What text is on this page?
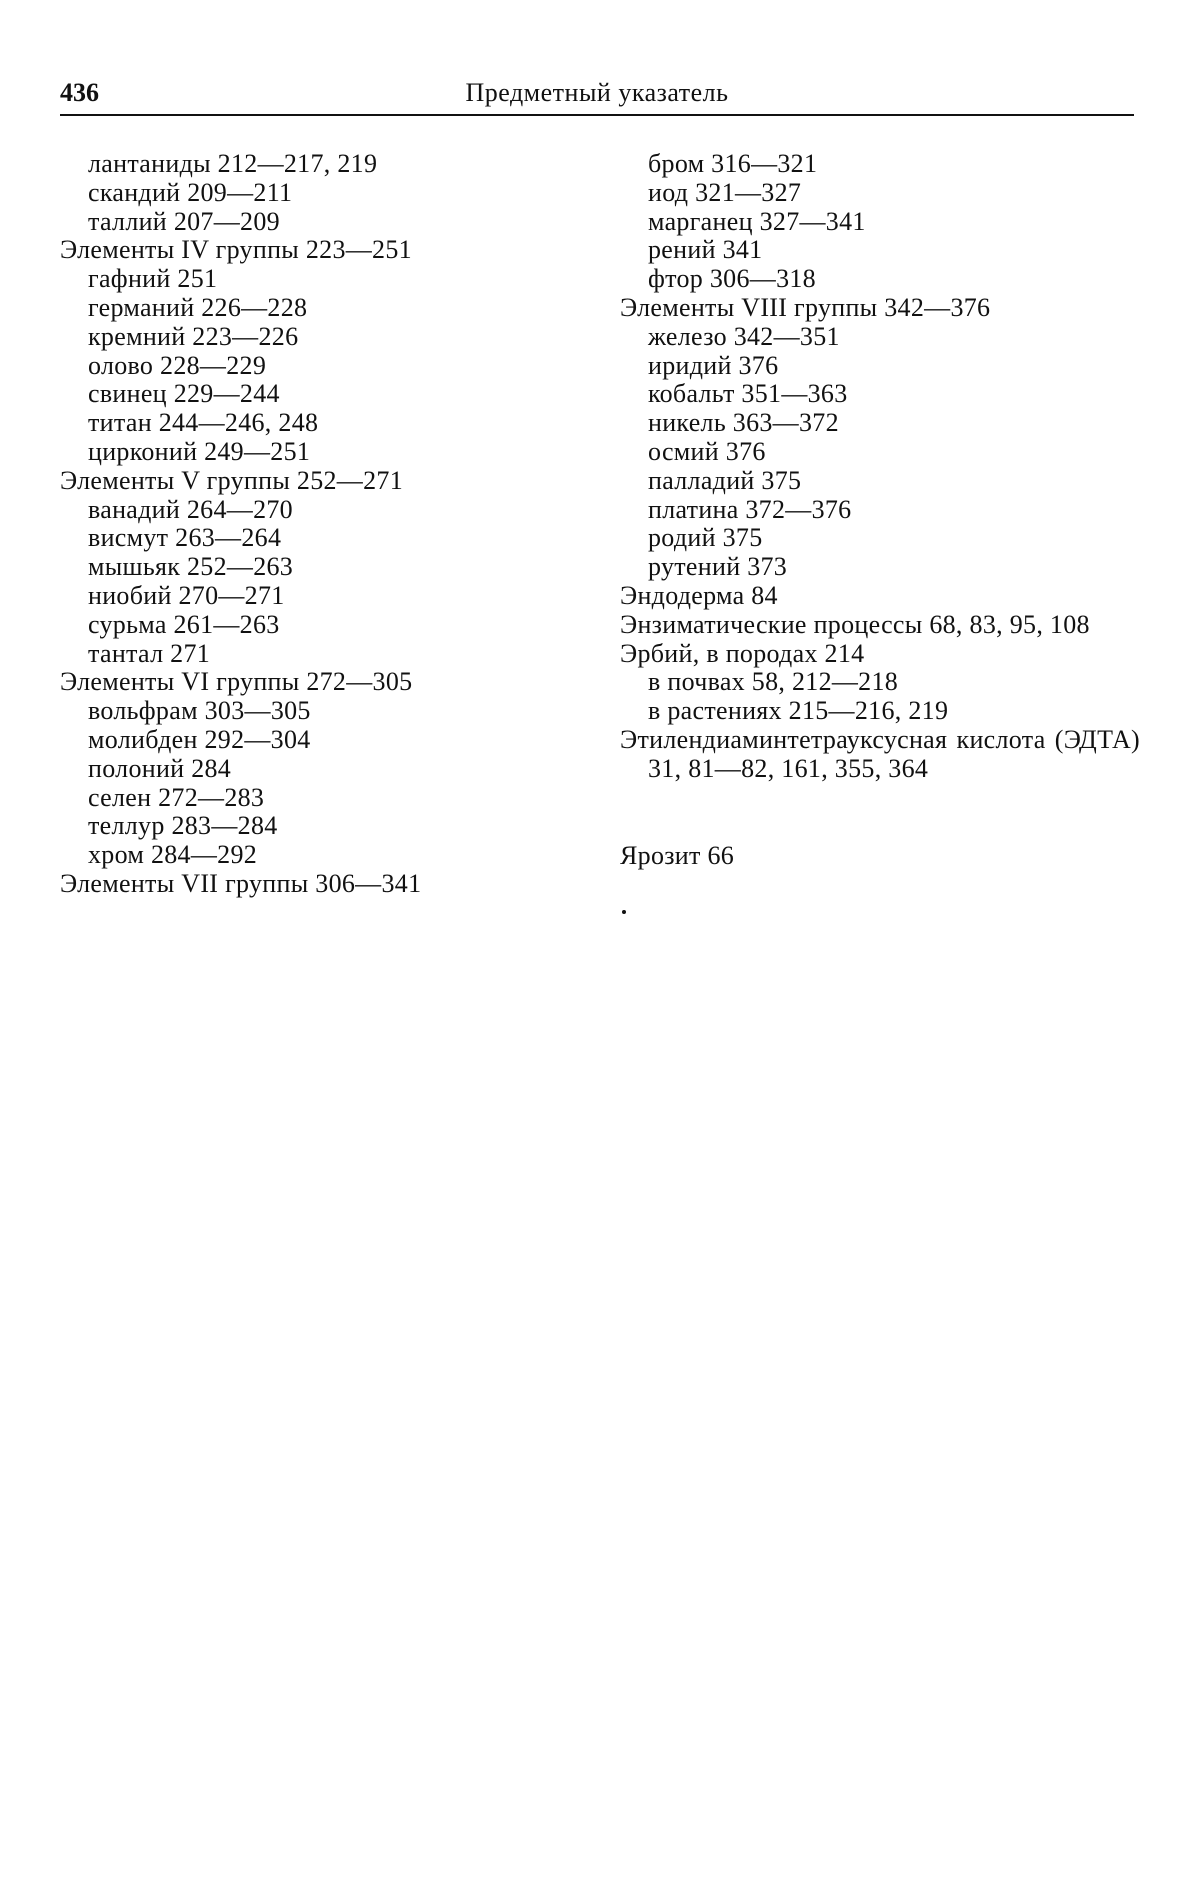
436	Предметный указатель
лантаниды 212—217, 219
скандий 209—211
таллий 207—209
Элементы IV группы 223—251
гафний 251
германий 226—228
кремний 223—226
олово 228—229
свинец 229—244
титан 244—246, 248
цирконий 249—251
Элементы V группы 252—271
ванадий 264—270
висмут 263—264
мышьяк 252—263
ниобий 270—271
сурьма 261—263
тантал 271
Элементы VI группы 272—305
вольфрам 303—305
молибден 292—304
полоний 284
селен 272—283
теллур 283—284
хром 284—292
Элементы VII группы 306—341
бром 316—321
иод 321—327
марганец 327—341
рений 341
фтор 306—318
Элементы VIII группы 342—376
железо 342—351
иридий 376
кобальт 351—363
никель 363—372
осмий 376
палладий 375
платина 372—376
родий 375
рутений 373
Эндодерма 84
Энзиматические процессы 68, 83, 95, 108
Эрбий, в породах 214
в почвах 58, 212—218
в растениях 215—216, 219
Этилендиаминтетрауксусная кислота (ЭДТА) 31, 81—82, 161, 355, 364
Ярозит 66
